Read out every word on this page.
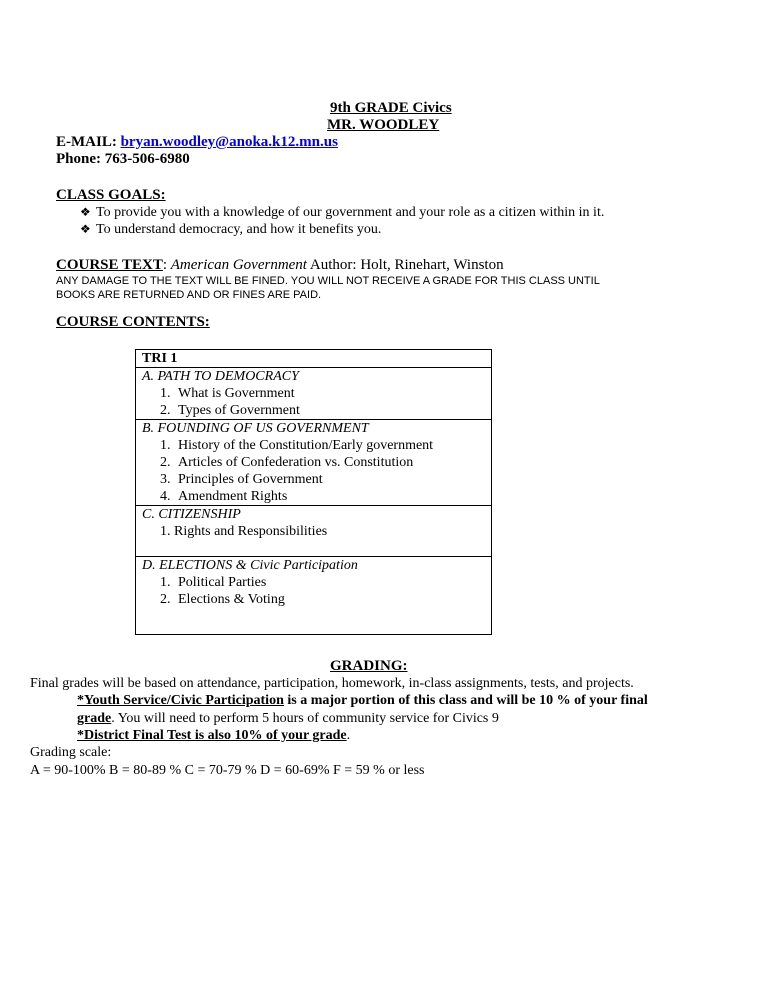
9th GRADE Civics
MR. WOODLEY
E-MAIL: bryan.woodley@anoka.k12.mn.us
Phone: 763-506-6980
CLASS GOALS:
❖ To provide you with a knowledge of our government and your role as a citizen within in it.
❖ To understand democracy, and how it benefits you.
COURSE TEXT: American Government Author: Holt, Rinehart, Winston
ANY DAMAGE TO THE TEXT WILL BE FINED. YOU WILL NOT RECEIVE A GRADE FOR THIS CLASS UNTIL
BOOKS ARE RETURNED AND OR FINES ARE PAID.
COURSE CONTENTS:
TRI 1

A. PATH TO DEMOCRACY
1. What is Government
2. Types of Government

B. FOUNDING OF US GOVERNMENT
1. History of the Constitution/Early government
2. Articles of Confederation vs. Constitution
3. Principles of Government
4. Amendment Rights

C. CITIZENSHIP
1. Rights and Responsibilities

D. ELECTIONS & Civic Participation
1. Political Parties
2. Elections & Voting
GRADING:
Final grades will be based on attendance, participation, homework, in-class assignments, tests, and projects.
*Youth Service/Civic Participation is a major portion of this class and will be 10 % of your final
grade. You will need to perform 5 hours of community service for Civics 9
*District Final Test is also 10% of your grade.
Grading scale:
A = 90-100% B = 80-89 % C = 70-79 % D = 60-69% F = 59 % or less
